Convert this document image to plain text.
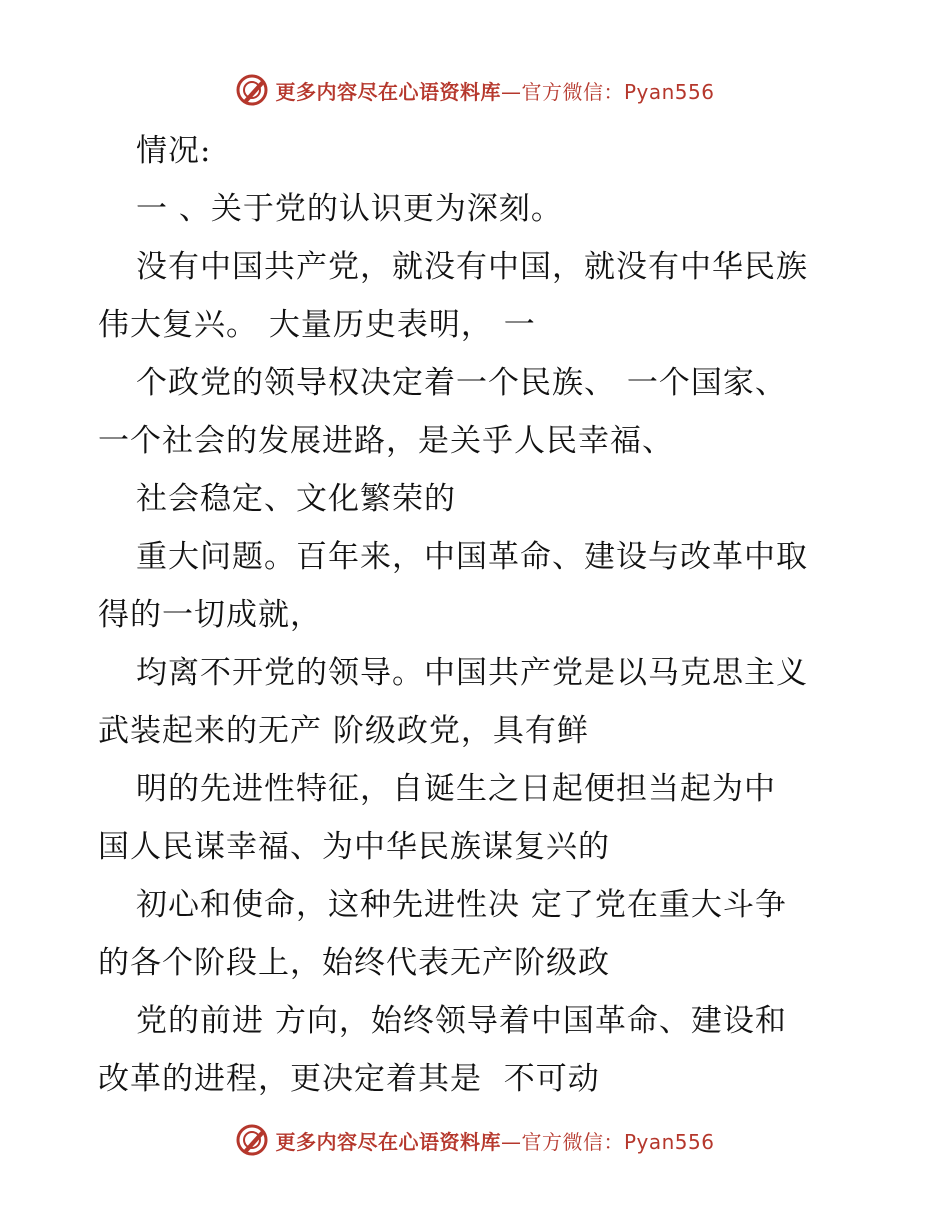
更多内容尽在心语资料库—官方微信：Pyan556
情况:
一 、关于党的认识更为深刻。
没有中国共产党，就没有中国，就没有中华民族
伟大复兴。 大量历史表明， 一
个政党的领导权决定着一个民族、 一个国家、
一个社会的发展进路，是关乎人民幸福、
社会稳定、文化繁荣的
重大问题。百年来，中国革命、建设与改革中取
得的一切成就，
均离不开党的领导。中国共产党是以马克思主义
武装起来的无产 阶级政党，具有鲜
明的先进性特征，自诞生之日起便担当起为中
国人民谋幸福、为中华民族谋复兴的
初心和使命，这种先进性决 定了党在重大斗争
的各个阶段上，始终代表无产阶级政
党的前进 方向，始终领导着中国革命、建设和
改革的进程，更决定着其是  不可动
更多内容尽在心语资料库—官方微信：Pyan556
